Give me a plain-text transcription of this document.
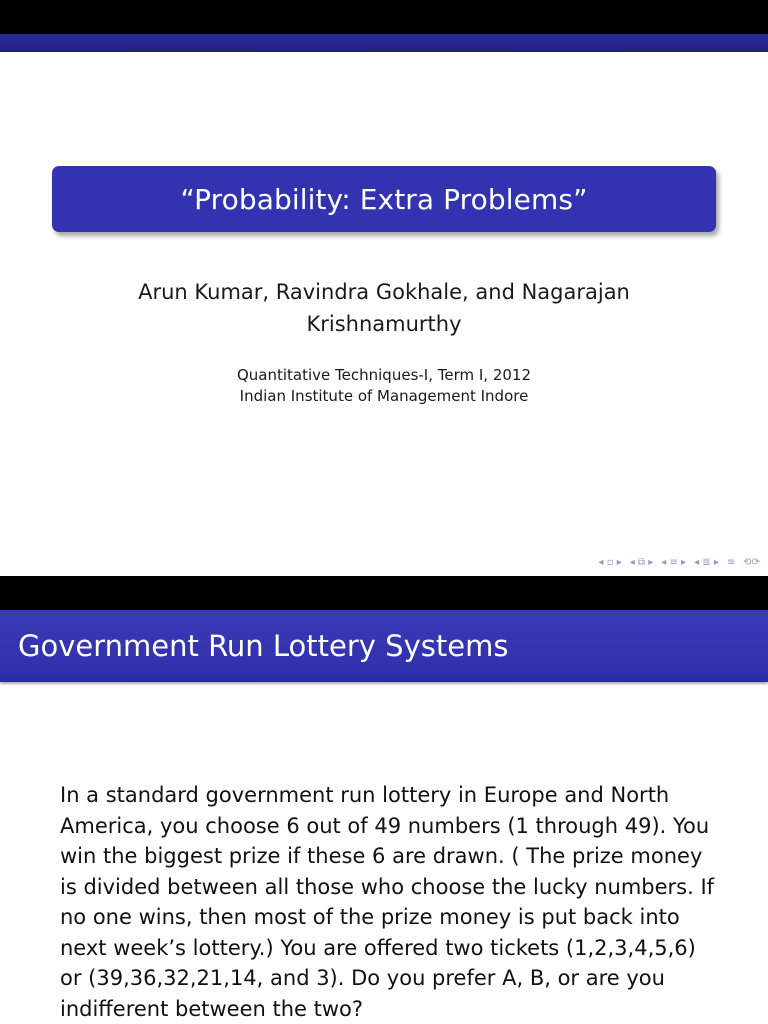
“Probability: Extra Problems”
Arun Kumar, Ravindra Gokhale, and Nagarajan Krishnamurthy
Quantitative Techniques-I, Term I, 2012
Indian Institute of Management Indore
◂ ▫ ▸ ◂ ⧉ ▸ ◂ ≡ ▸ ◂ ≣ ▸ ≡ ⟲⟳
Government Run Lottery Systems
In a standard government run lottery in Europe and North
America, you choose 6 out of 49 numbers (1 through 49). You
win the biggest prize if these 6 are drawn. ( The prize money
is divided between all those who choose the lucky numbers. If
no one wins, then most of the prize money is put back into
next week’s lottery.) You are offered two tickets (1,2,3,4,5,6)
or (39,36,32,21,14, and 3). Do you prefer A, B, or are you
indifferent between the two?
